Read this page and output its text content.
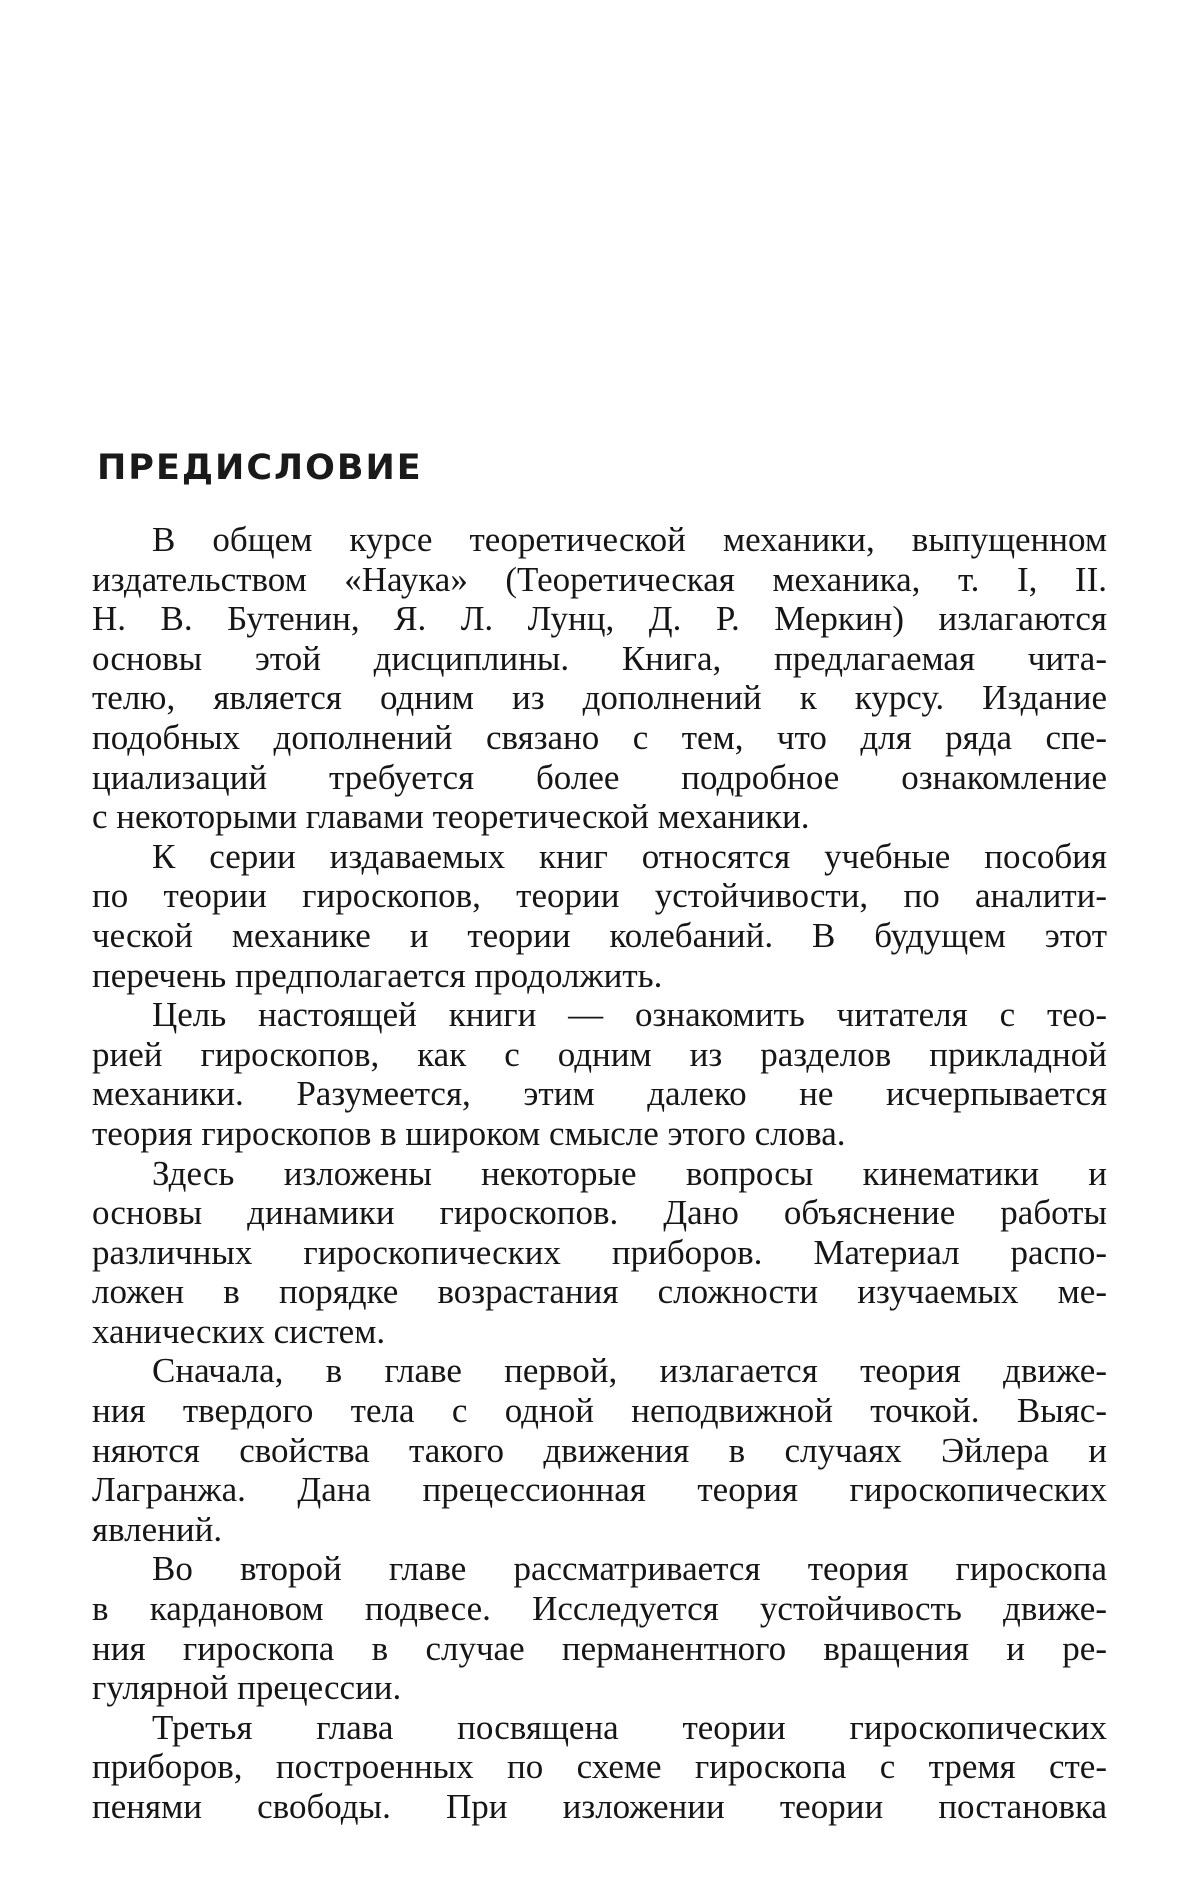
ПРЕДИСЛОВИЕ
В общем курсе теоретической механики, выпущенном
издательством «Наука» (Теоретическая механика, т. I, II.
Н. В. Бутенин, Я. Л. Лунц, Д. Р. Меркин) излагаются
основы этой дисциплины. Книга, предлагаемая чита-
телю, является одним из дополнений к курсу. Издание
подобных дополнений связано с тем, что для ряда спе-
циализаций требуется более подробное ознакомление
с некоторыми главами теоретической механики.
К серии издаваемых книг относятся учебные пособия
по теории гироскопов, теории устойчивости, по аналити-
ческой механике и теории колебаний. В будущем этот
перечень предполагается продолжить.
Цель настоящей книги — ознакомить читателя с тео-
рией гироскопов, как с одним из разделов прикладной
механики. Разумеется, этим далеко не исчерпывается
теория гироскопов в широком смысле этого слова.
Здесь изложены некоторые вопросы кинематики и
основы динамики гироскопов. Дано объяснение работы
различных гироскопических приборов. Материал распо-
ложен в порядке возрастания сложности изучаемых ме-
ханических систем.
Сначала, в главе первой, излагается теория движе-
ния твердого тела с одной неподвижной точкой. Выяс-
няются свойства такого движения в случаях Эйлера и
Лагранжа. Дана прецессионная теория гироскопических
явлений.
Во второй главе рассматривается теория гироскопа
в кардановом подвесе. Исследуется устойчивость движе-
ния гироскопа в случае перманентного вращения и ре-
гулярной прецессии.
Третья глава посвящена теории гироскопических
приборов, построенных по схеме гироскопа с тремя сте-
пенями свободы. При изложении теории постановка
